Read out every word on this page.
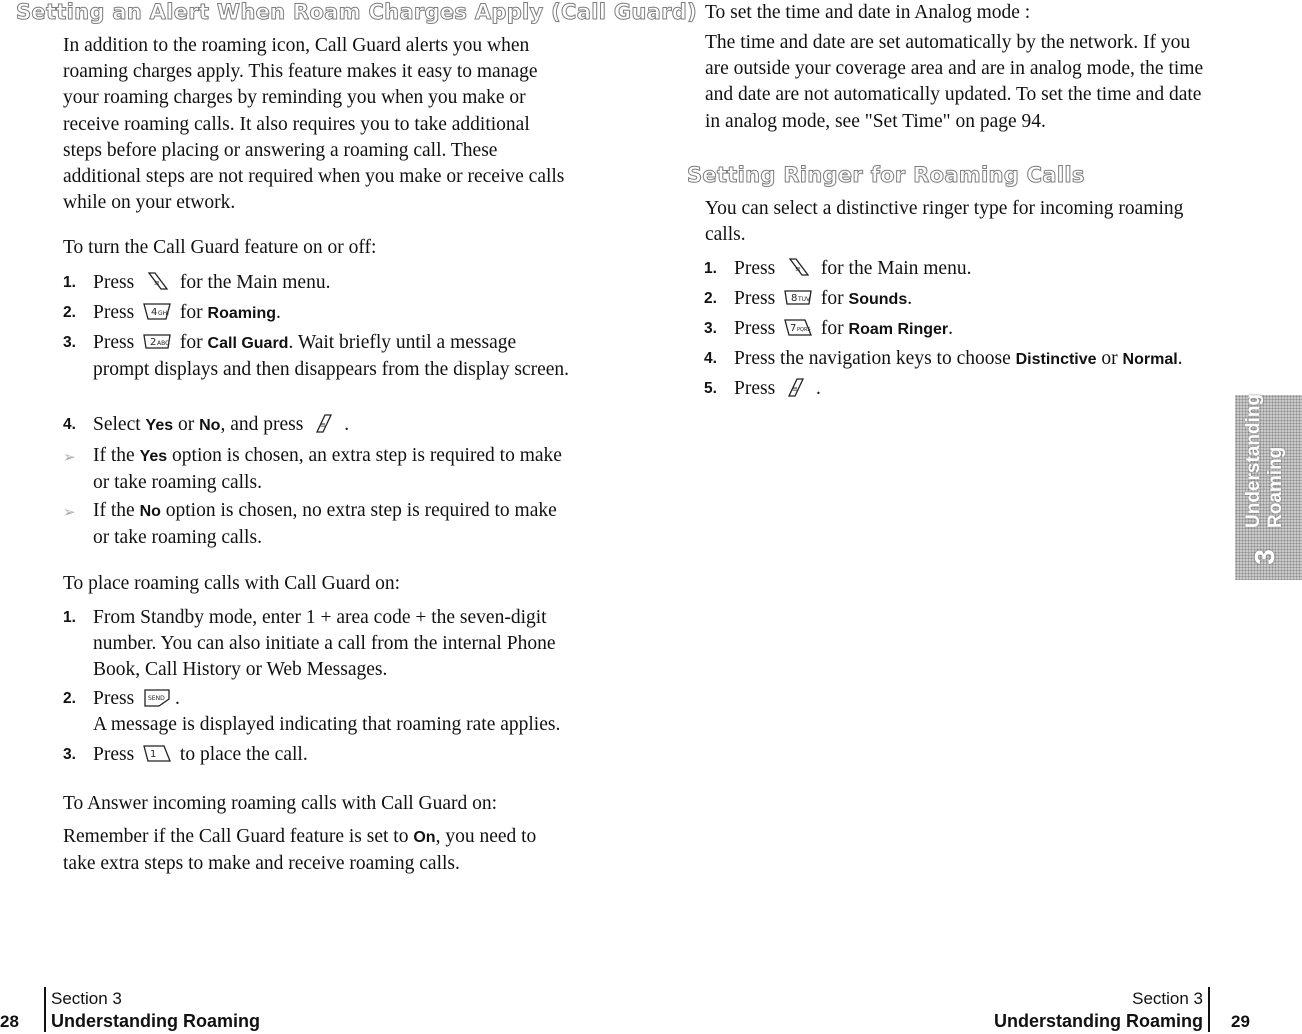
Setting an Alert When Roam Charges Apply (Call Guard)

In addition to the roaming icon, Call Guard alerts you when roaming charges apply. This feature makes it easy to manage your roaming charges by reminding you when you make or receive roaming calls. It also requires you to take additional steps before placing or answering a roaming call. These additional steps are not required when you make or receive calls while on your etwork.

To turn the Call Guard feature on or off:

1. Press	≡ for the Main menu.
2. Press 4 GHI for Roaming.
3. Press 2 ABC for Call Guard. Wait briefly until a message prompt displays and then disappears from the display screen.
4. Select Yes or No, and press ≡ .
➢ If the Yes option is chosen, an extra step is required to make or take roaming calls.
➢ If the No option is chosen, no extra step is required to make or take roaming calls.

To place roaming calls with Call Guard on:

1. From Standby mode, enter 1 + area code + the seven-digit number. You can also initiate a call from the internal Phone Book, Call History or Web Messages.
2. Press SEND .
A message is displayed indicating that roaming rate applies.
3. Press 1 to place the call.

To Answer incoming roaming calls with Call Guard on:

Remember if the Call Guard feature is set to On, you need to take extra steps to make and receive roaming calls.

To set the time and date in Analog mode :

The time and date are set automatically by the network. If you are outside your coverage area and are in analog mode, the time and date are not automatically updated. To set the time and date in analog mode, see "Set Time" on page 94.

Setting Ringer for Roaming Calls

You can select a distinctive ringer type for incoming roaming calls.

1. Press	≡ for the Main menu.
2. Press 8 TUV for Sounds.
3. Press 7 PQRS for Roam Ringer.
4. Press the navigation keys to choose Distinctive or Normal.
5. Press ≡ .
Understanding Roaming
3
28
Section 3
Understanding Roaming
Section 3
Understanding Roaming 29
